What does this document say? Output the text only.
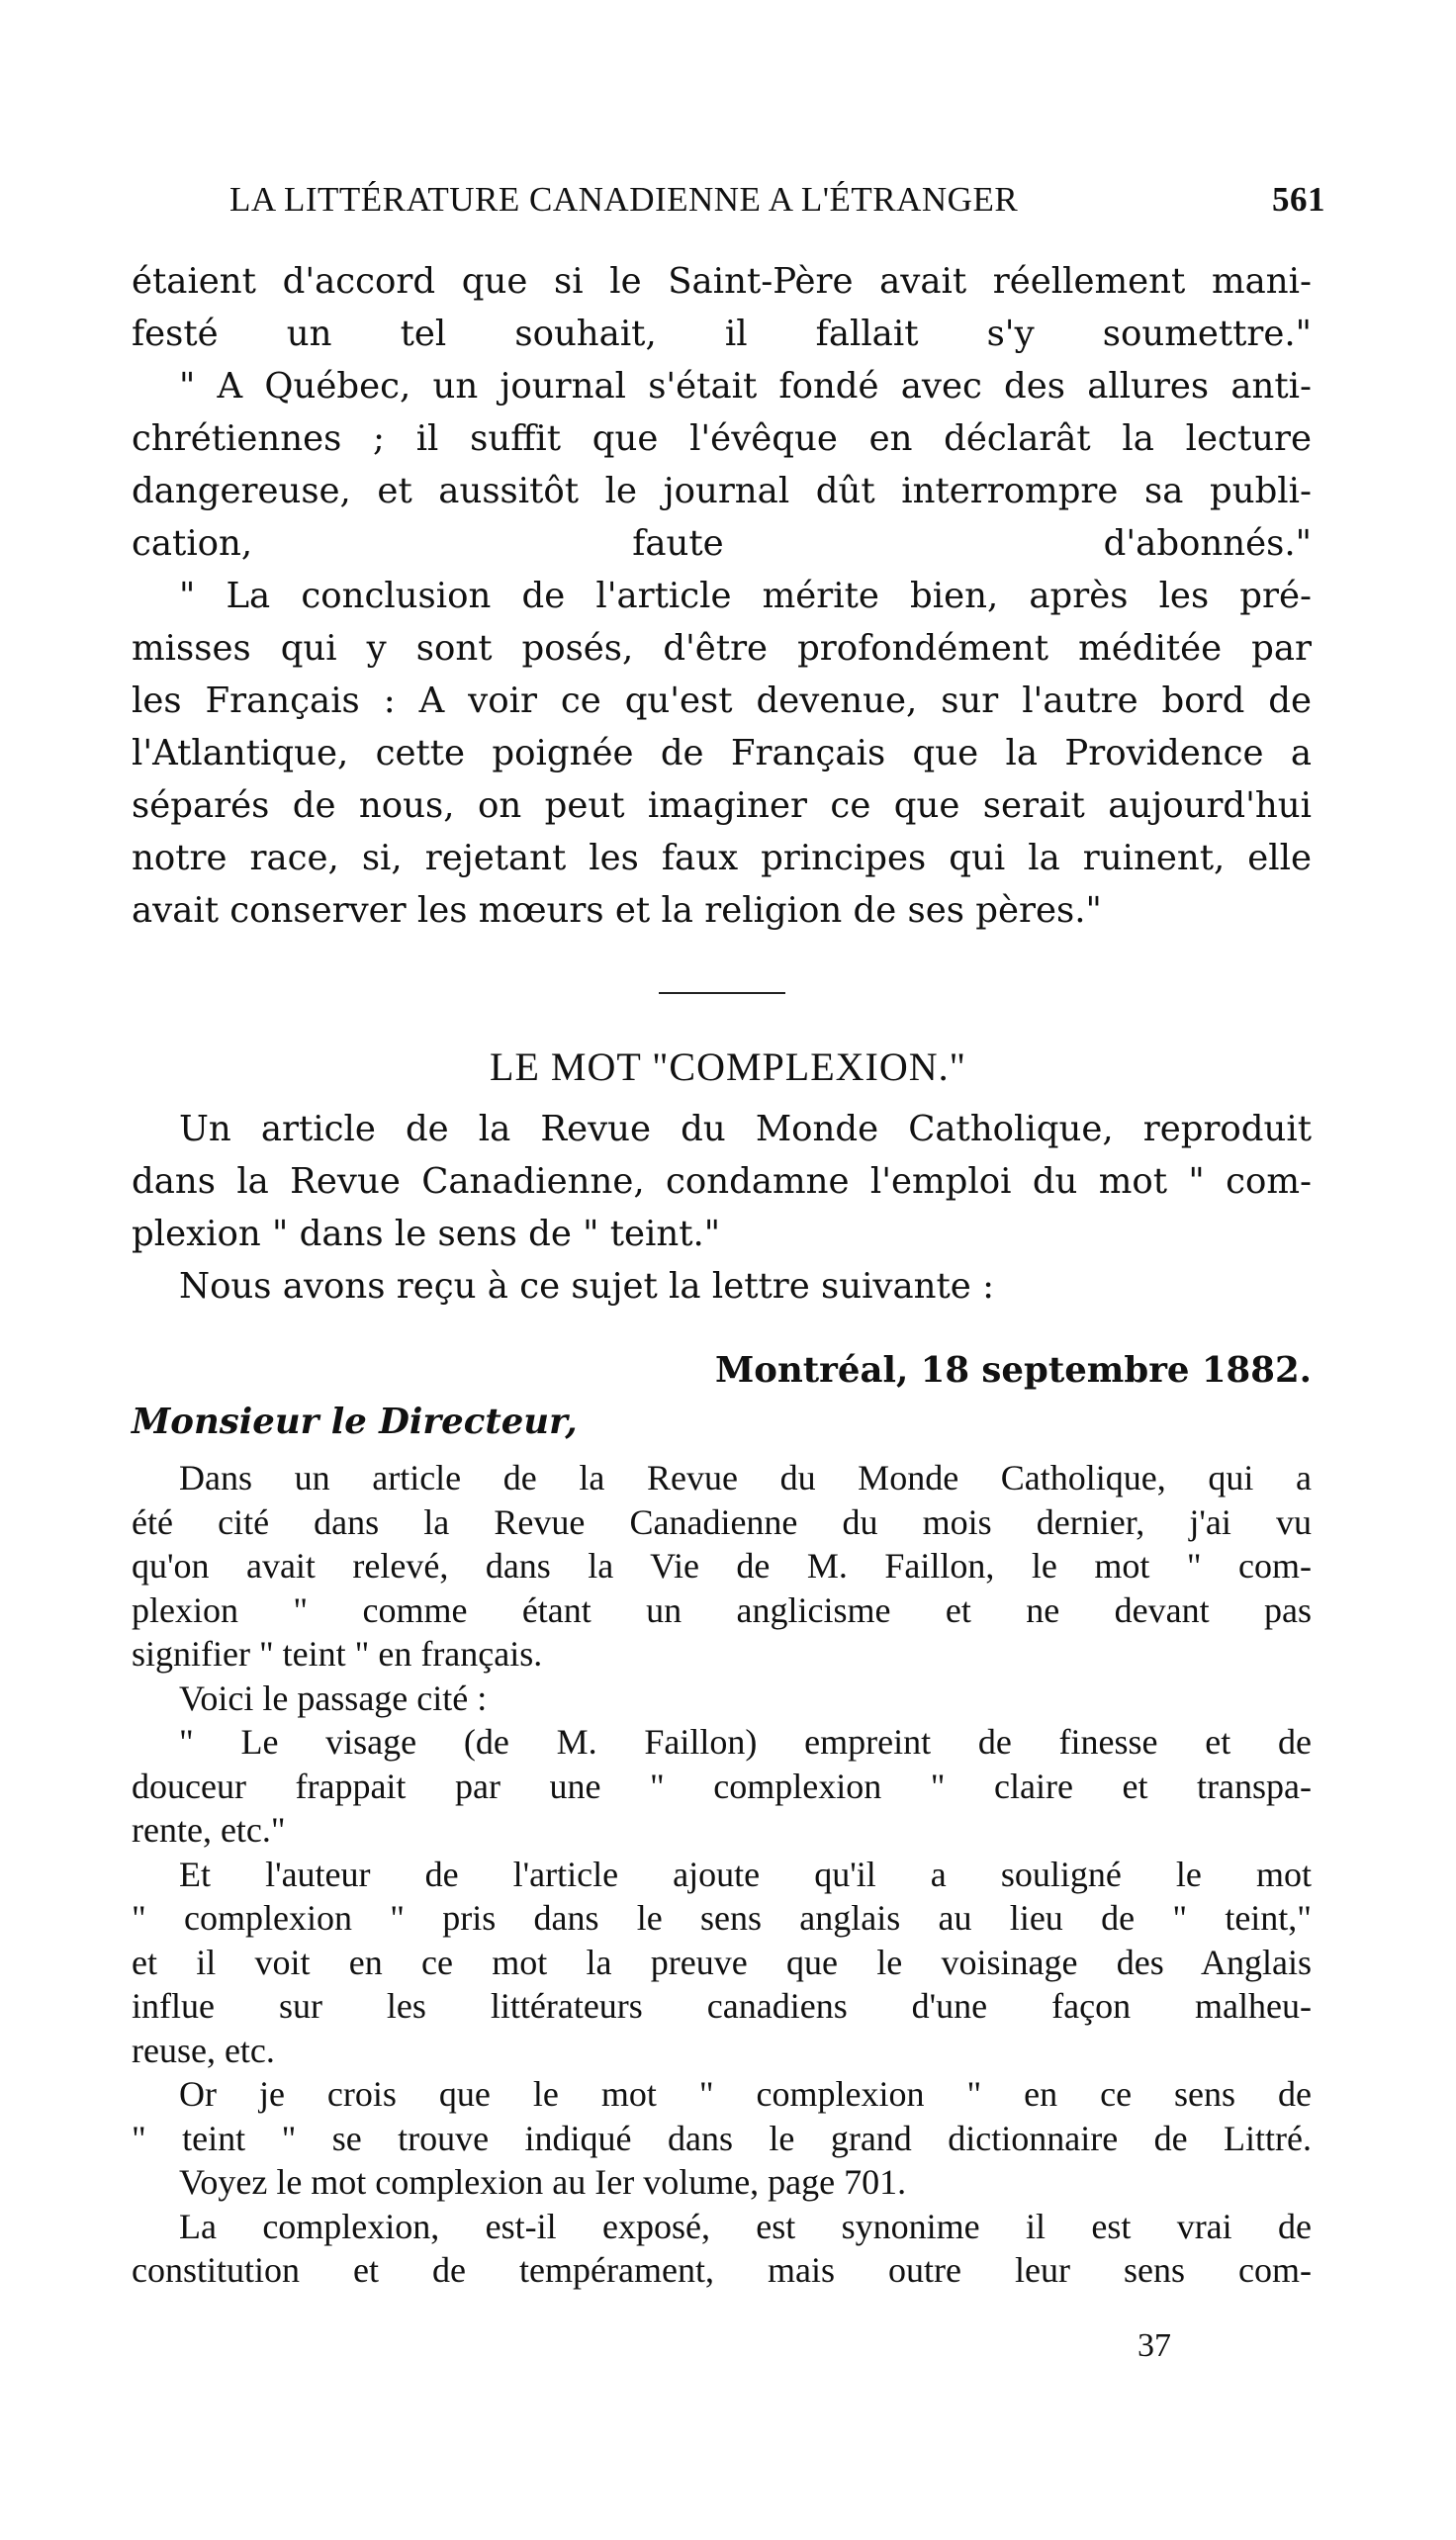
LA LITTÉRATURE CANADIENNE A L'ÉTRANGER	561
étaient d'accord que si le Saint-Père avait réellement mani-
festé un tel souhait, il fallait s'y soumettre."
" A Québec, un journal s'était fondé avec des allures anti-
chrétiennes ; il suffit que l'évêque en déclarât la lecture
dangereuse, et aussitôt le journal dût interrompre sa publi-
cation, faute d'abonnés."
" La conclusion de l'article mérite bien, après les pré-
misses qui y sont posés, d'être profondément méditée par
les Français : A voir ce qu'est devenue, sur l'autre bord de
l'Atlantique, cette poignée de Français que la Providence a
séparés de nous, on peut imaginer ce que serait aujourd'hui
notre race, si, rejetant les faux principes qui la ruinent, elle
avait conserver les mœurs et la religion de ses pères."
LE MOT "COMPLEXION."
Un article de la Revue du Monde Catholique, reproduit
dans la Revue Canadienne, condamne l'emploi du mot " com-
plexion " dans le sens de " teint."
Nous avons reçu à ce sujet la lettre suivante :
Montréal, 18 septembre 1882.
Monsieur le Directeur,

Dans un article de la Revue du Monde Catholique, qui a

été cité dans la Revue Canadienne du mois dernier, j'ai vu

qu'on avait relevé, dans la Vie de M. Faillon, le mot " com-

plexion " comme étant un anglicisme et ne devant pas

signifier " teint " en français.

Voici le passage cité :

" Le visage (de M. Faillon) empreint de finesse et de

douceur frappait par une " complexion " claire et transpa-

rente, etc."

Et l'auteur de l'article ajoute qu'il a souligné le mot

" complexion " pris dans le sens anglais au lieu de " teint,"

et il voit en ce mot la preuve que le voisinage des Anglais

influe sur les littérateurs canadiens d'une façon malheu-

reuse, etc.

Or je crois que le mot " complexion " en ce sens de

" teint " se trouve indiqué dans le grand dictionnaire de Littré.

Voyez le mot complexion au Ier volume, page 701.

La complexion, est-il exposé, est synonime il est vrai de

constitution et de tempérament, mais outre leur sens com-

37
